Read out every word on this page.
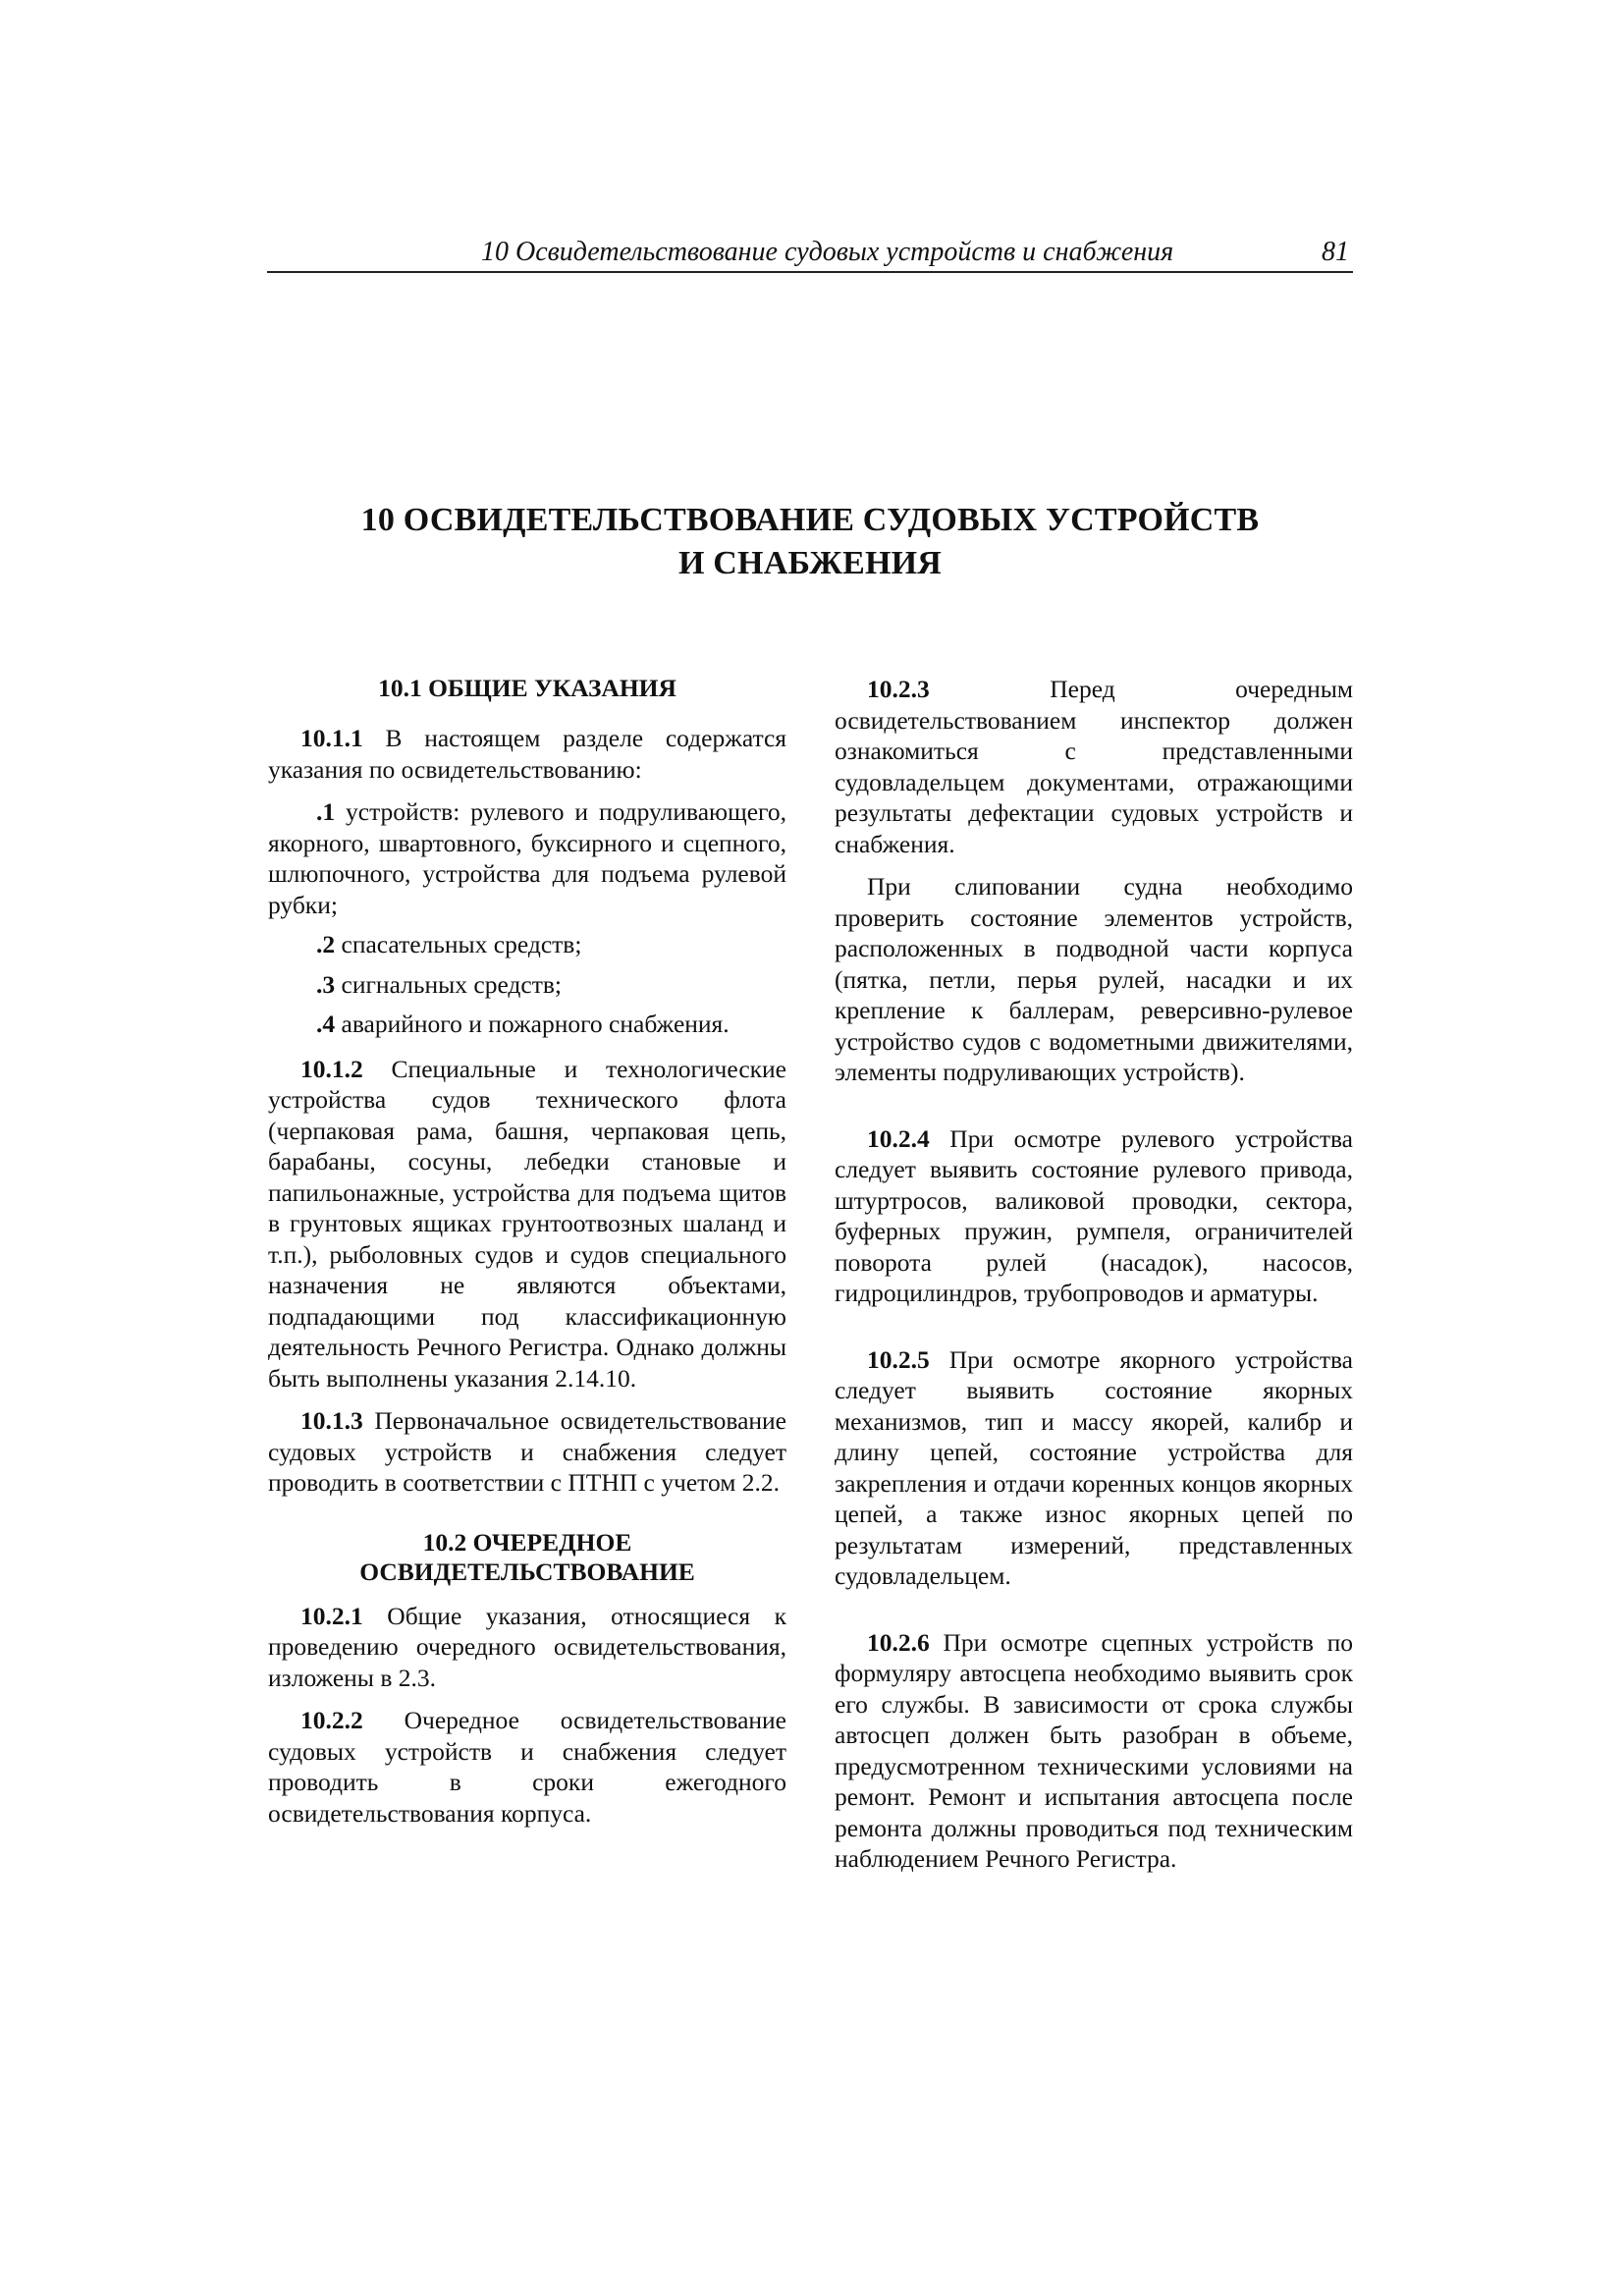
10 Освидетельствование судовых устройств и снабжения	81
10 ОСВИДЕТЕЛЬСТВОВАНИЕ СУДОВЫХ УСТРОЙСТВ
И СНАБЖЕНИЯ
10.1 ОБЩИЕ УКАЗАНИЯ

10.1.1 В настоящем разделе содержатся указания по освидетельствованию:

.1 устройств: рулевого и подруливающего, якорного, швартовного, буксирного и сцепного, шлюпочного, устройства для подъема рулевой рубки;

.2 спасательных средств;

.3 сигнальных средств;

.4 аварийного и пожарного снабжения.

10.1.2 Специальные и технологические устройства судов технического флота (черпаковая рама, башня, черпаковая цепь, барабаны, сосуны, лебедки становые и папильонажные, устройства для подъема щитов в грунтовых ящиках грунтоотвозных шаланд и т.п.), рыболовных судов и судов специального назначения не являются объектами, подпадающими под классификационную деятельность Речного Регистра. Однако должны быть выполнены указания 2.14.10.

10.1.3 Первоначальное освидетельствование судовых устройств и снабжения следует проводить в соответствии с ПТНП с учетом 2.2.

10.2 ОЧЕРЕДНОЕ
ОСВИДЕТЕЛЬСТВОВАНИЕ

10.2.1 Общие указания, относящиеся к проведению очередного освидетельствования, изложены в 2.3.

10.2.2 Очередное освидетельствование судовых устройств и снабжения следует проводить в сроки ежегодного освидетельствования корпуса.

10.2.3 Перед очередным освидетельствованием инспектор должен ознакомиться с представленными судовладельцем документами, отражающими результаты дефектации судовых устройств и снабжения.

При слиповании судна необходимо проверить состояние элементов устройств, расположенных в подводной части корпуса (пятка, петли, перья рулей, насадки и их крепление к баллерам, реверсивно-рулевое устройство судов с водометными движителями, элементы подруливающих устройств).

10.2.4 При осмотре рулевого устройства следует выявить состояние рулевого привода, штуртросов, валиковой проводки, сектора, буферных пружин, румпеля, ограничителей поворота рулей (насадок), насосов, гидроцилиндров, трубопроводов и арматуры.

10.2.5 При осмотре якорного устройства следует выявить состояние якорных механизмов, тип и массу якорей, калибр и длину цепей, состояние устройства для закрепления и отдачи коренных концов якорных цепей, а также износ якорных цепей по результатам измерений, представленных судовладельцем.

10.2.6 При осмотре сцепных устройств по формуляру автосцепа необходимо выявить срок его службы. В зависимости от срока службы автосцеп должен быть разобран в объеме, предусмотренном техническими условиями на ремонт. Ремонт и испытания автосцепа после ремонта должны проводиться под техническим наблюдением Речного Регистра.
